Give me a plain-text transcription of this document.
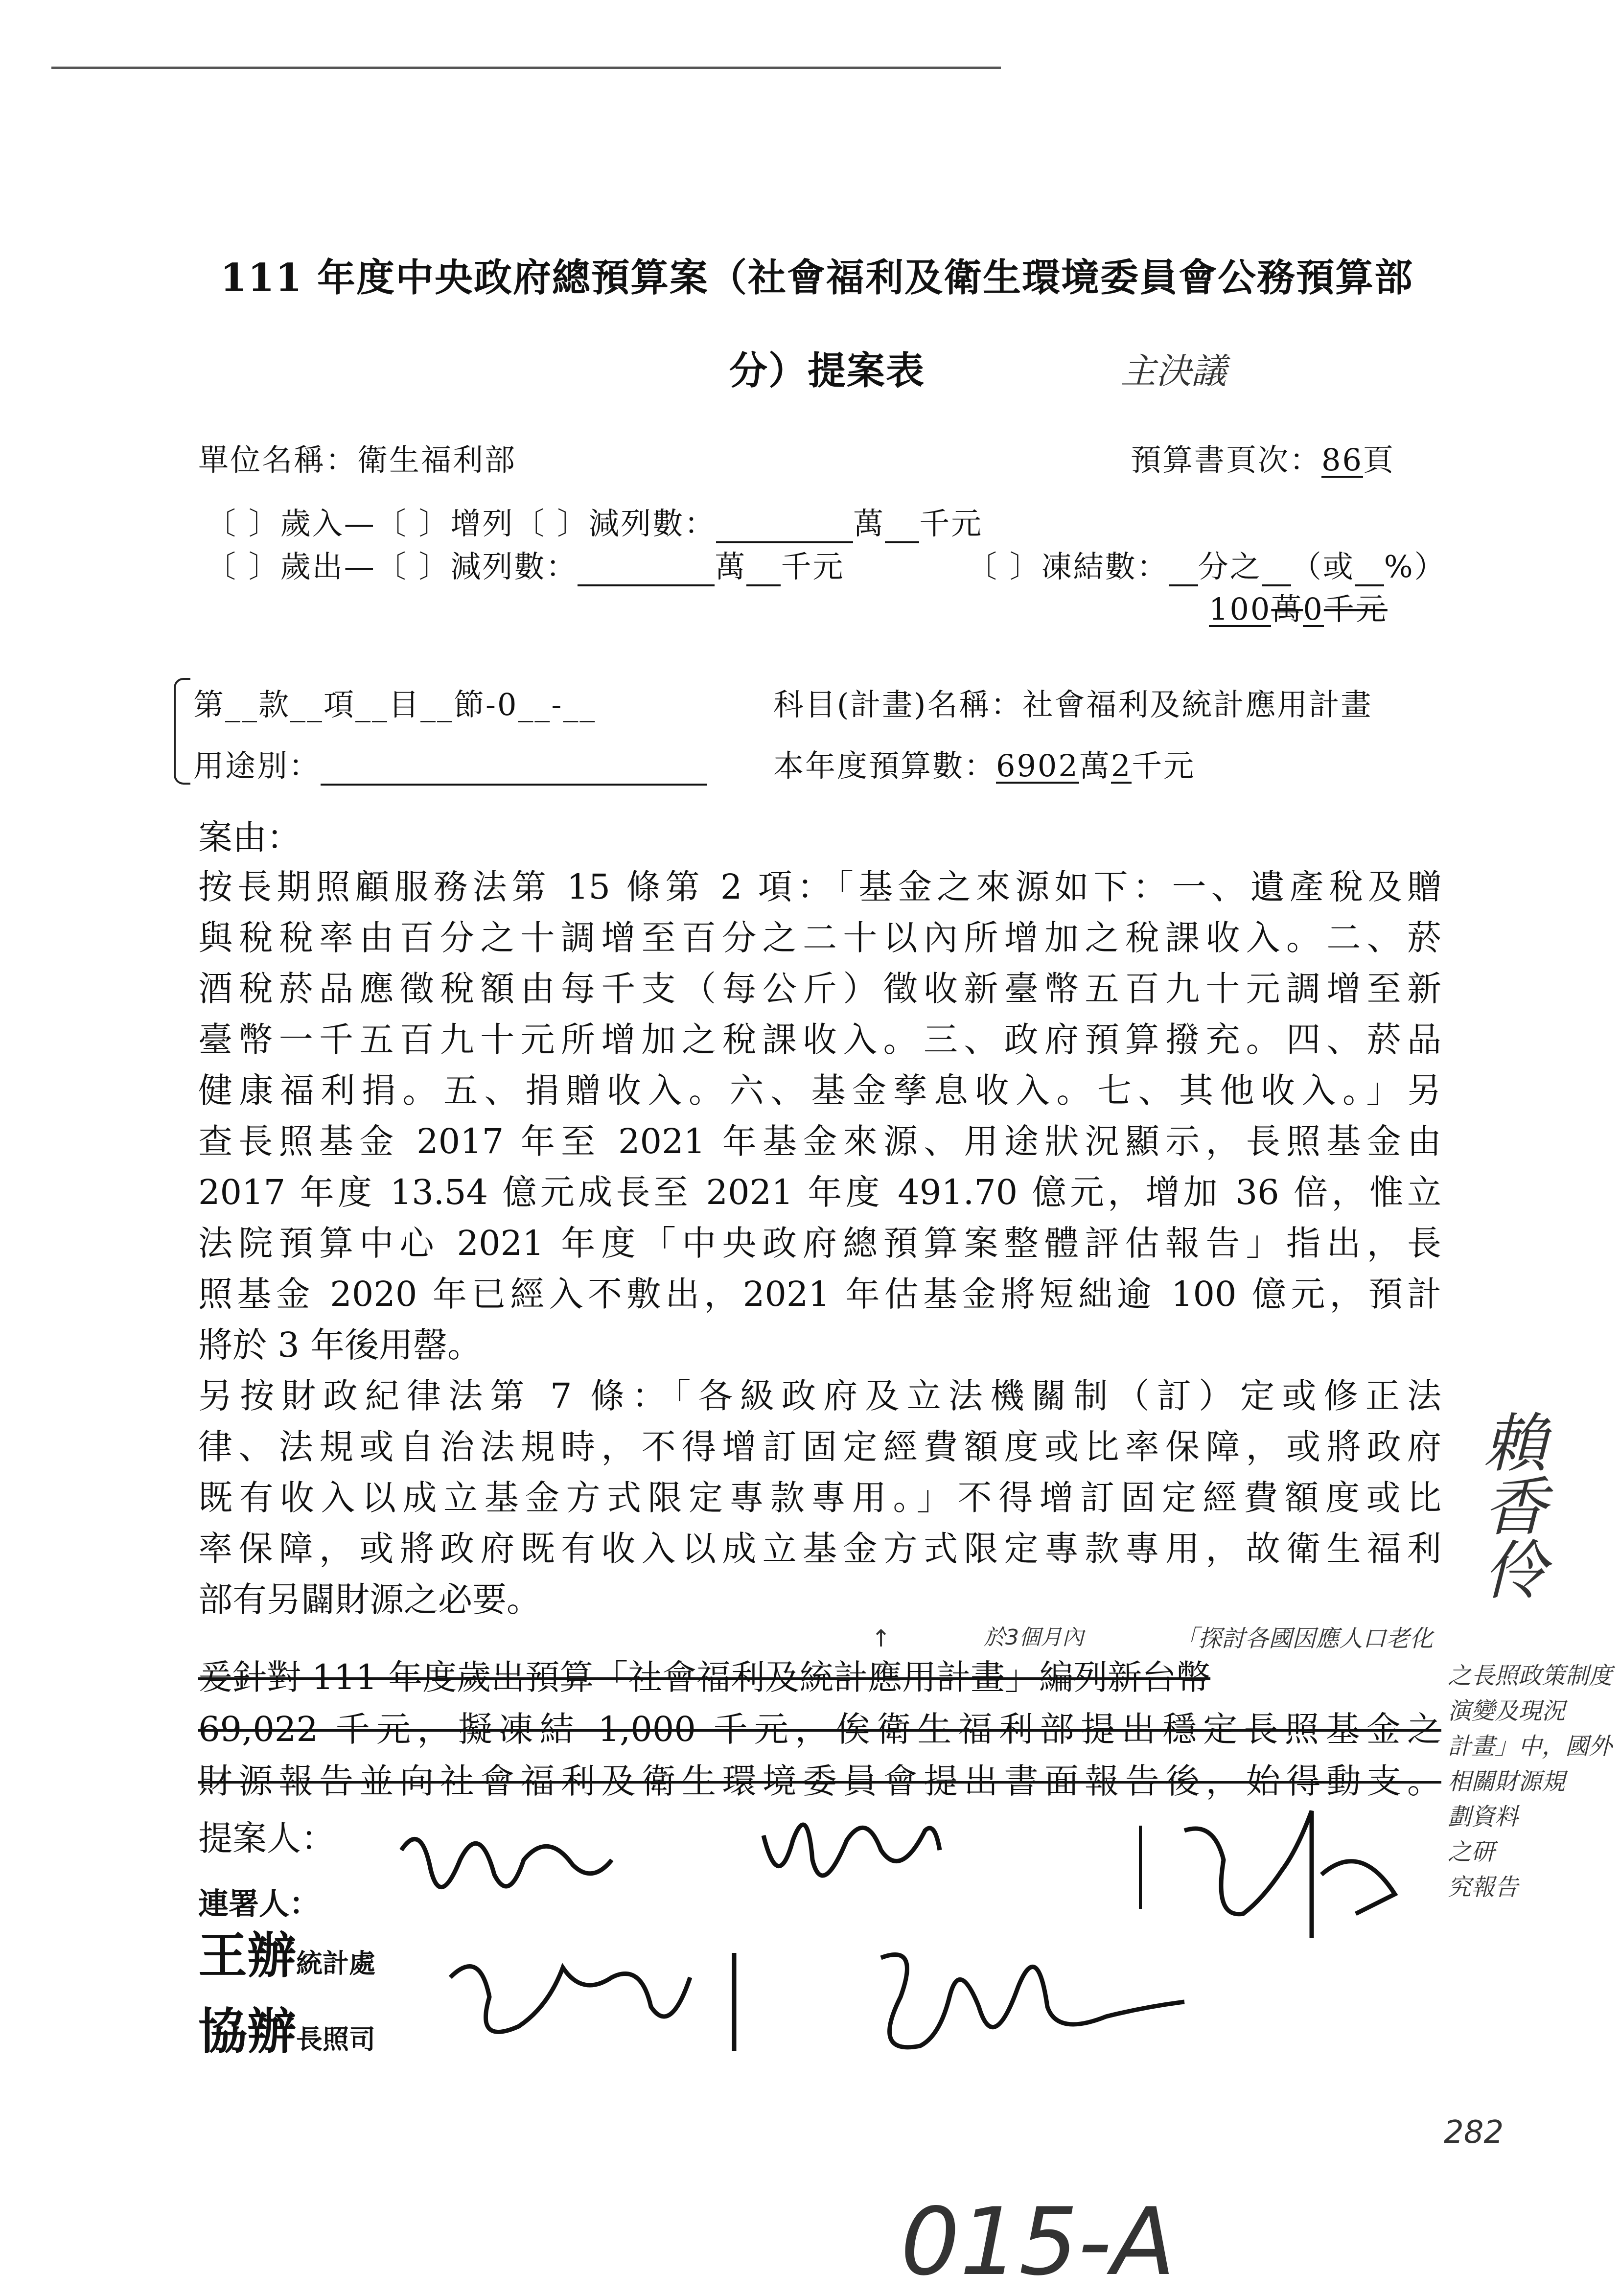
111 年度中央政府總預算案（社會福利及衛生環境委員會公務預算部
分）提案表	主決議
單位名稱：衛生福利部	預算書頁次：86頁
〔 〕歲入—〔 〕增列〔 〕減列數：	萬 千元
〔 〕歲出—〔 〕減列數：	萬 千元	〔 〕凍結數： 分之 （或 %）
100萬0千元
第__款__項__目__節-0__-__	科目(計畫)名稱：社會福利及統計應用計畫
用途別：	本年度預算數：6902萬2千元
案由：
按長期照顧服務法第 15 條第 2 項：「基金之來源如下：一、遺產稅及贈
與稅稅率由百分之十調增至百分之二十以內所增加之稅課收入。二、菸
酒稅菸品應徵稅額由每千支（每公斤）徵收新臺幣五百九十元調增至新
臺幣一千五百九十元所增加之稅課收入。三、政府預算撥充。四、菸品
健康福利捐。五、捐贈收入。六、基金孳息收入。七、其他收入。」另
查長照基金 2017 年至 2021 年基金來源、用途狀況顯示，長照基金由
2017 年度 13.54 億元成長至 2021 年度 491.70 億元，增加 36 倍，惟立
法院預算中心 2021 年度「中央政府總預算案整體評估報告」指出，長
照基金 2020 年已經入不敷出，2021 年估基金將短絀逾 100 億元，預計
將於 3 年後用罄。
另按財政紀律法第 7 條：「各級政府及立法機關制（訂）定或修正法
律、法規或自治法規時，不得增訂固定經費額度或比率保障，或將政府
既有收入以成立基金方式限定專款專用。」不得增訂固定經費額度或比
率保障，或將政府既有收入以成立基金方式限定專款專用，故衛生福利
部有另闢財源之必要。
爰針對 111 年度歲出預算「社會福利及統計應用計畫」編列新台幣
69,022 千元，擬凍結 1,000 千元，俟衛生福利部提出穩定長照基金之
財源報告並向社會福利及衛生環境委員會提出書面報告後，始得動支。
於3個月內
↑	「探討各國因應人口老化
之長照政策制度
演變及現況
計畫」中，國外
相關財源規
劃資料
之研
究報告
賴香伶
提案人：
連署人：
王辦統計處
協辦長照司
282
015-A
